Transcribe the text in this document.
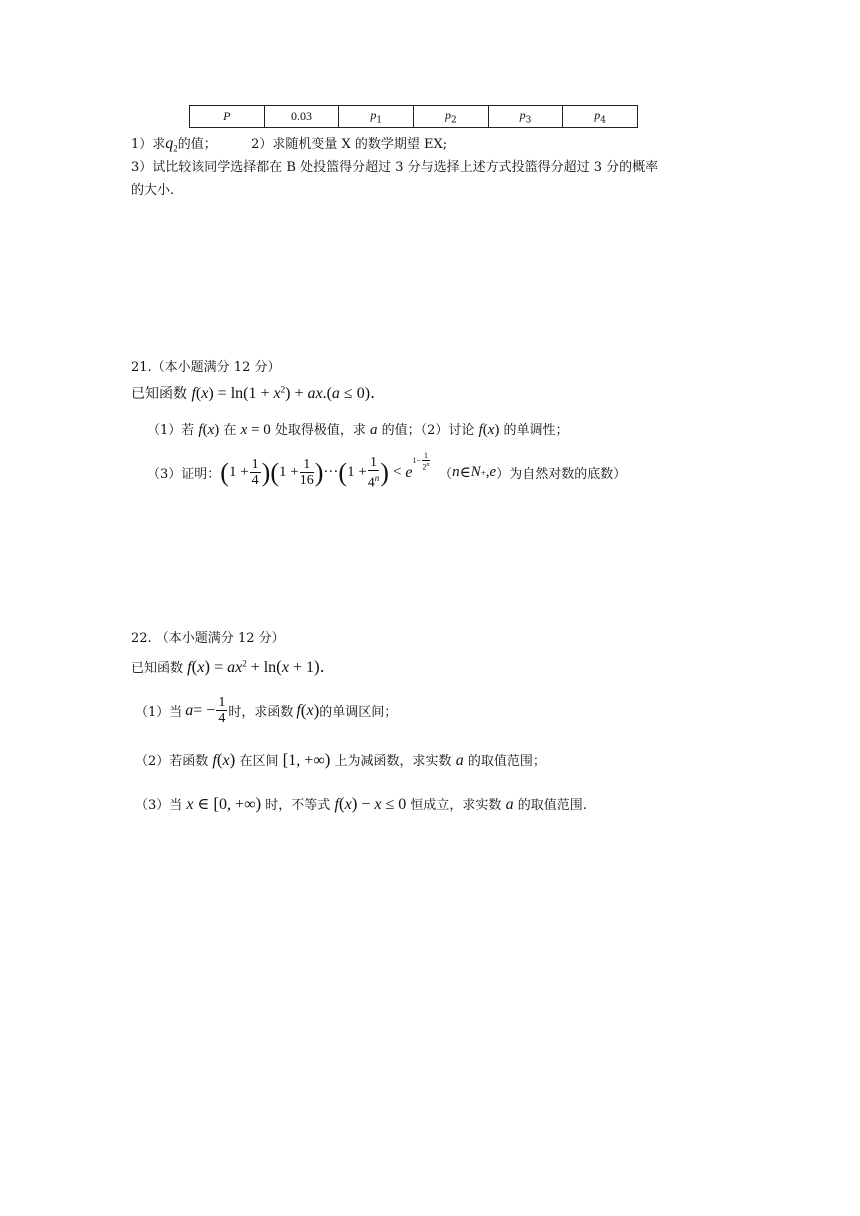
P	0.03	$p_1$	$p_2$	$p_3$	$p_4$
1）求$q_2$的值；	2）求随机变量 X 的数学期望 EX;
3）试比较该同学选择都在 B 处投篮得分超过 3 分与选择上述方式投篮得分超过 3 分的概率
的大小.
21.（本小题满分 12 分）
已知函数 $f(x) = \ln(1 + x^2) + ax.(a \le 0)$.
（1）若 f(x) 在 x = 0 处取得极值，求 a 的值；（2）讨论 f(x) 的单调性；
（3）证明： ( $1 + \frac{1}{4}$ )( $1 + \frac{1}{16}$ ) ··· ( $1 + \frac{1}{4^n}$ ) < e
$1- \frac{1}{2^n}$
（ n ∈ N + , e ）为自然对数的底数）
22. （本小题满分 12 分）
已知函数 $f(x) = ax^2 + \ln(x + 1)$.
（1）当 a = − $\frac{1}{4}$ 时，求函数 f ( x ) 的单调区间；
（2）若函数 f(x) 在区间 [1, +∞) 上为减函数，求实数 a 的取值范围；
（3）当 x ∈ [0, +∞) 时，不等式 f(x) − x ≤ 0 恒成立，求实数 a 的取值范围.
